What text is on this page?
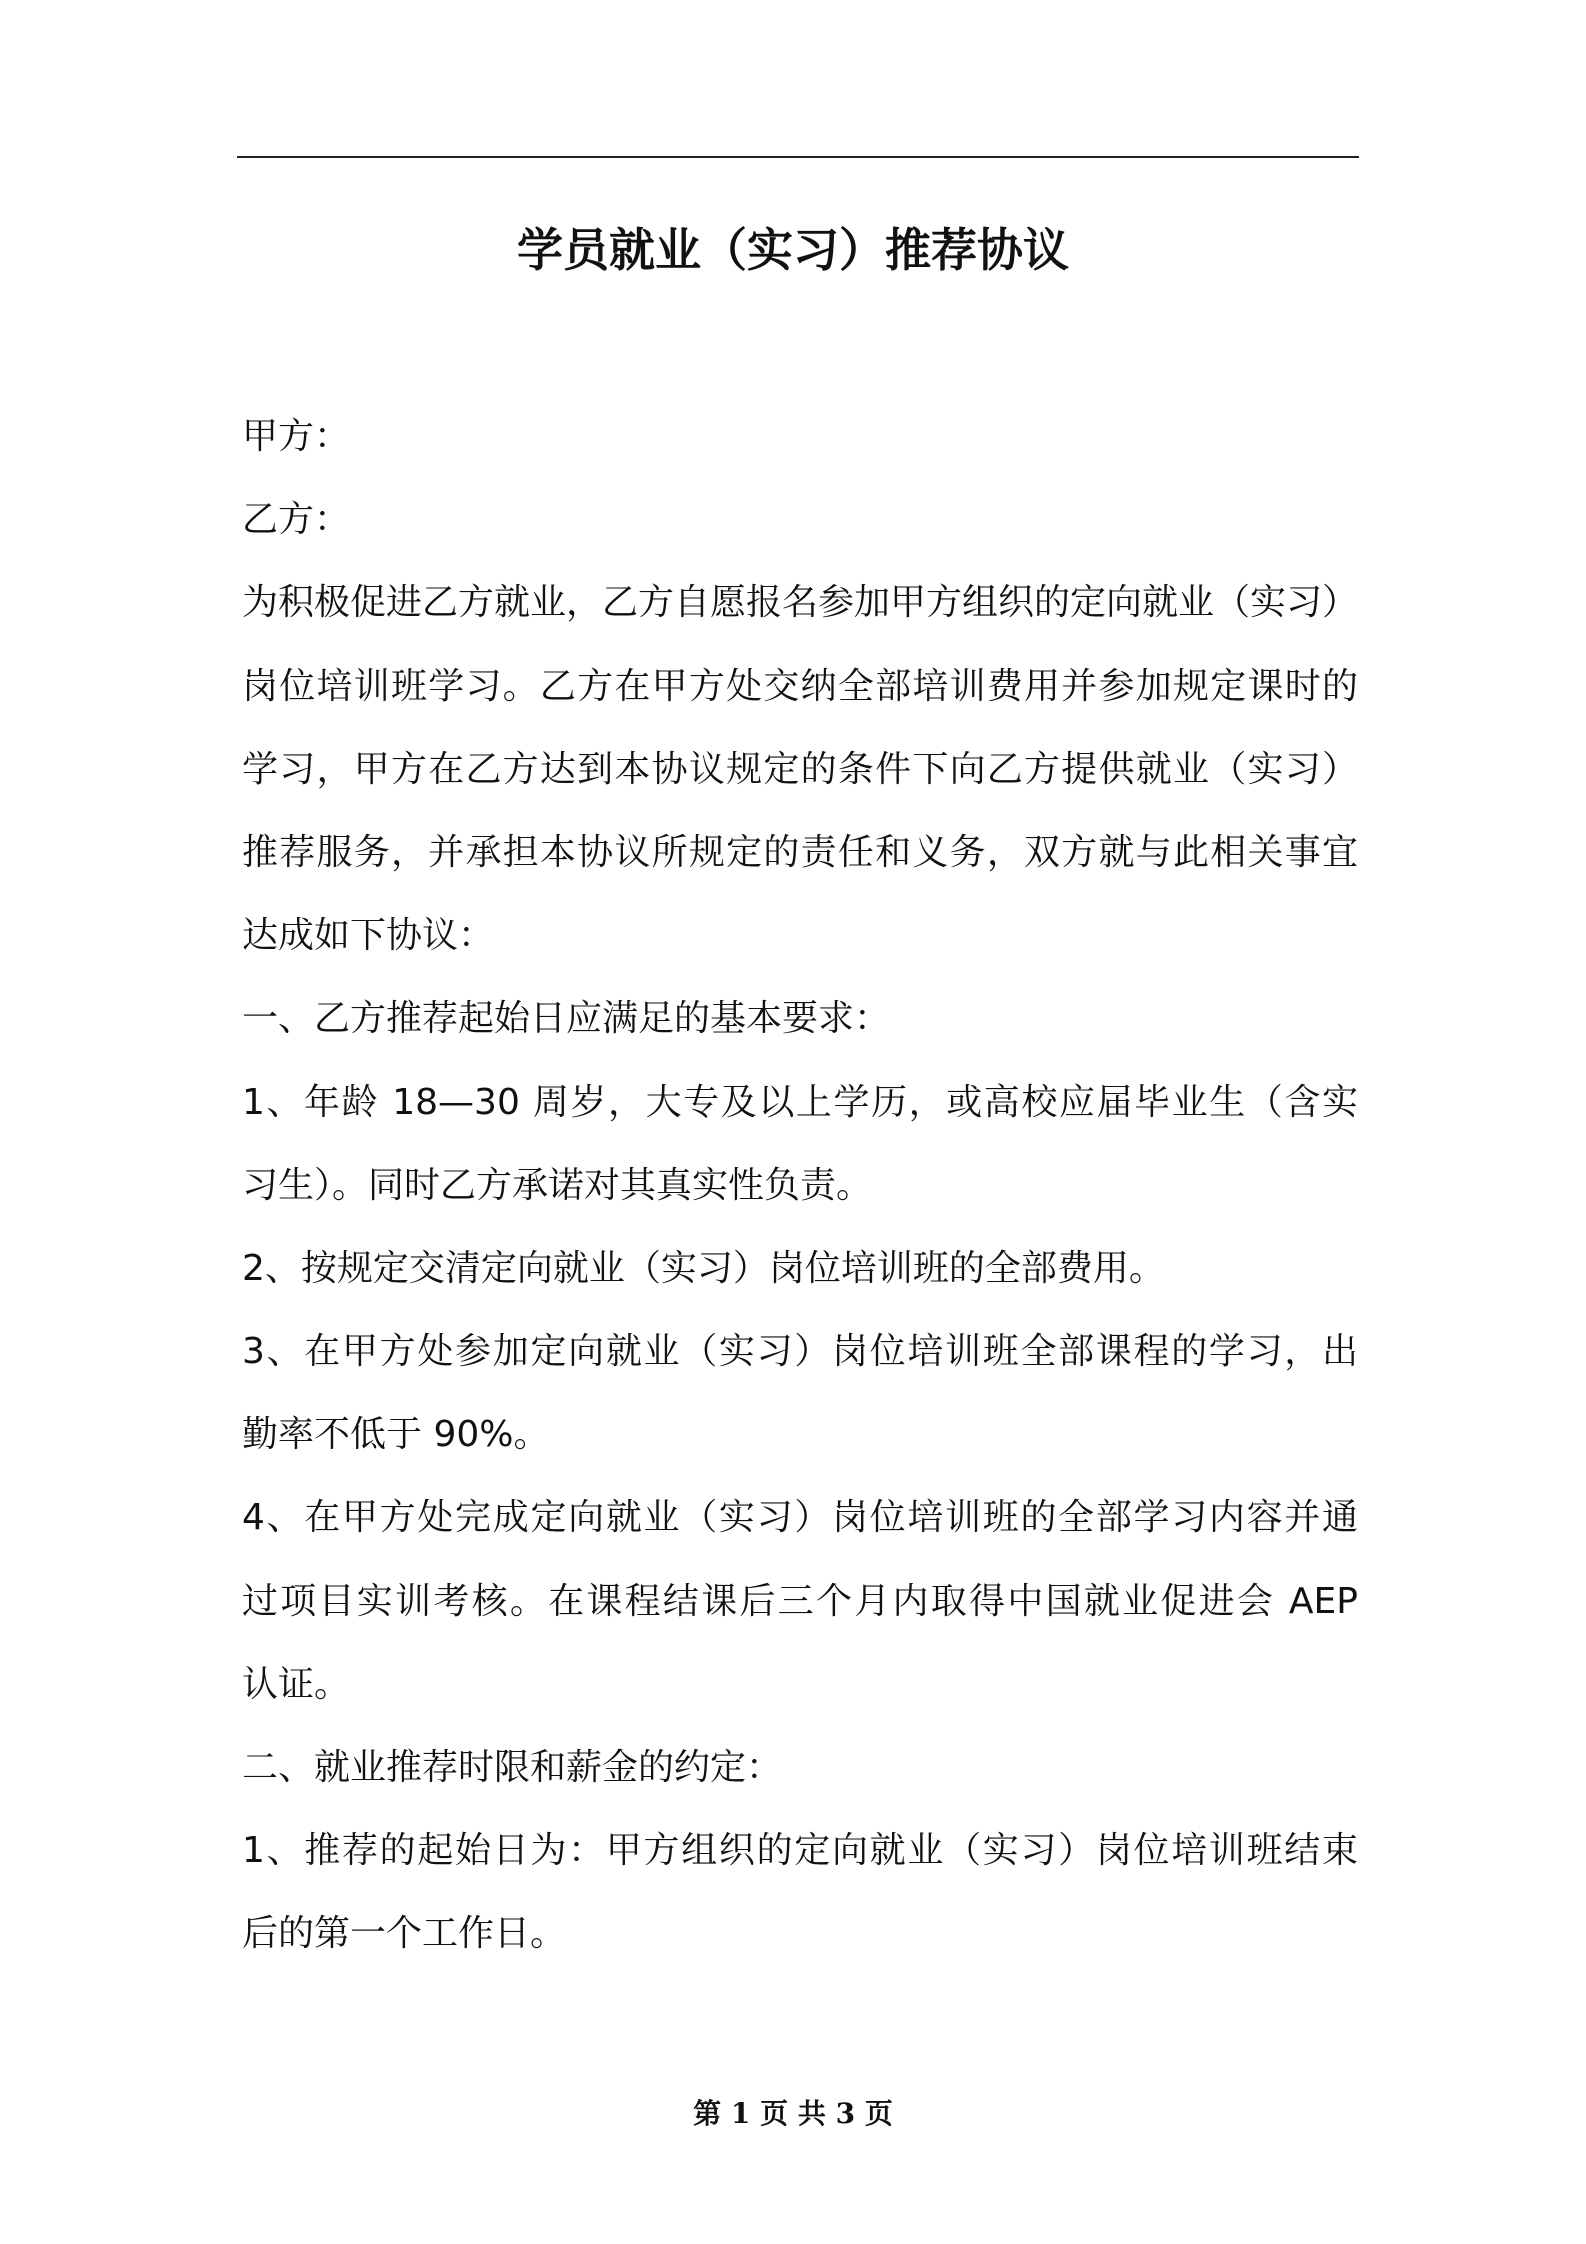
学员就业（实习）推荐协议

甲方：

乙方：

为积极促进乙方就业，乙方自愿报名参加甲方组织的定向就业（实习）

岗位培训班学习。乙方在甲方处交纳全部培训费用并参加规定课时的

学习，甲方在乙方达到本协议规定的条件下向乙方提供就业（实习）

推荐服务，并承担本协议所规定的责任和义务，双方就与此相关事宜

达成如下协议：

一、乙方推荐起始日应满足的基本要求：

1、年龄 18—30 周岁，大专及以上学历，或高校应届毕业生（含实

习生）。同时乙方承诺对其真实性负责。

2、按规定交清定向就业（实习）岗位培训班的全部费用。

3、在甲方处参加定向就业（实习）岗位培训班全部课程的学习，出

勤率不低于 90%。

4、在甲方处完成定向就业（实习）岗位培训班的全部学习内容并通

过项目实训考核。在课程结课后三个月内取得中国就业促进会 AEP

认证。

二、就业推荐时限和薪金的约定：

1、推荐的起始日为：甲方组织的定向就业（实习）岗位培训班结束

后的第一个工作日。

第 1 页 共 3 页
